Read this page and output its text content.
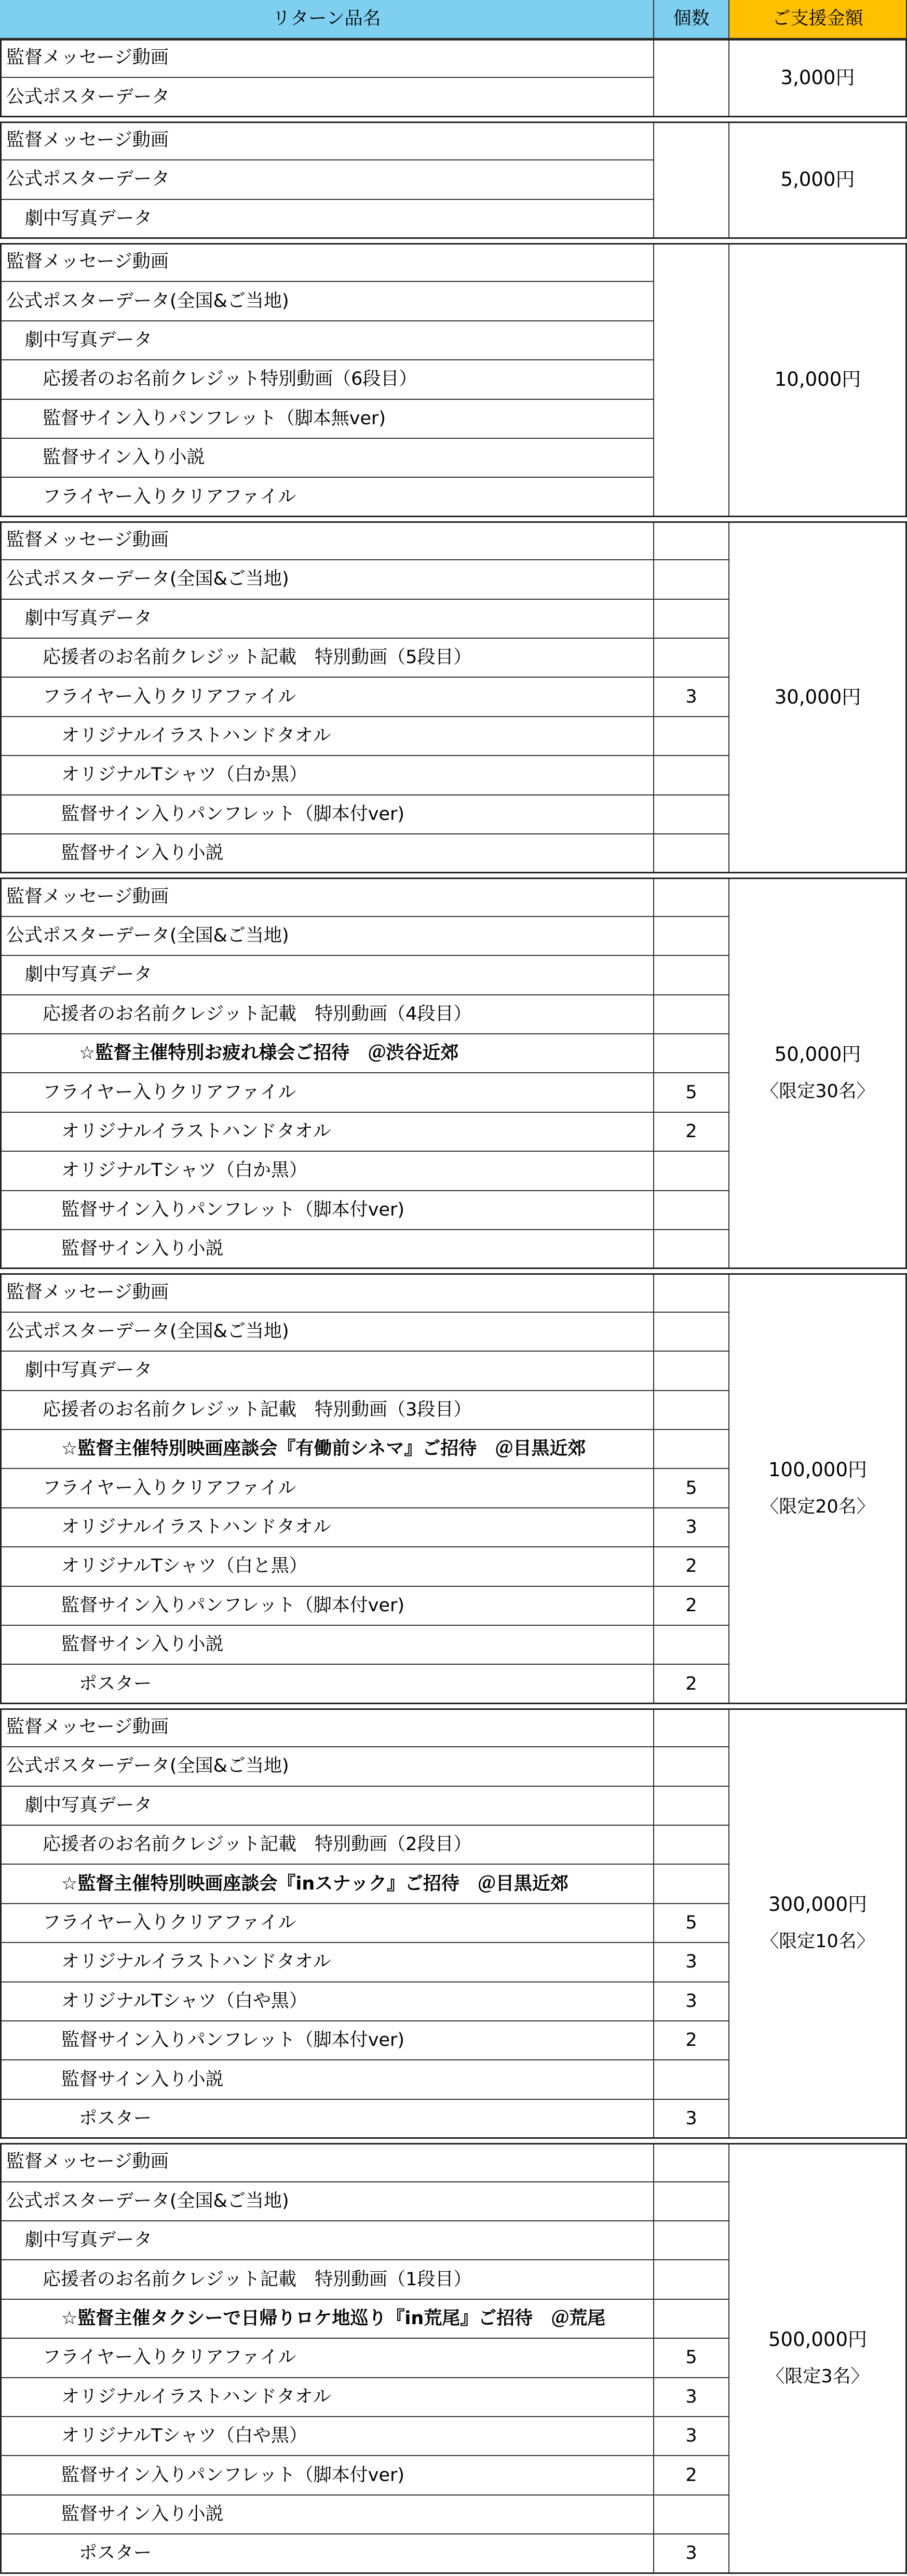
リターン品名	個数	ご支援金額
監督メッセージ動画
公式ポスターデータ
3,000円
監督メッセージ動画
公式ポスターデータ
劇中写真データ
5,000円
監督メッセージ動画
公式ポスターデータ(全国&ご当地)
劇中写真データ
応援者のお名前クレジット特別動画（6段目）
監督サイン入りパンフレット（脚本無ver)
監督サイン入り小説
フライヤー入りクリアファイル
10,000円
監督メッセージ動画
公式ポスターデータ(全国&ご当地)
劇中写真データ
応援者のお名前クレジット記載　特別動画（5段目）
フライヤー入りクリアファイル	3
オリジナルイラストハンドタオル
オリジナルTシャツ（白か黒）
監督サイン入りパンフレット（脚本付ver)
監督サイン入り小説
30,000円
監督メッセージ動画
公式ポスターデータ(全国&ご当地)
劇中写真データ
応援者のお名前クレジット記載　特別動画（4段目）
☆監督主催特別お疲れ様会ご招待　＠渋谷近郊
フライヤー入りクリアファイル	5
オリジナルイラストハンドタオル	2
オリジナルTシャツ（白か黒）
監督サイン入りパンフレット（脚本付ver)
監督サイン入り小説
50,000円
〈限定30名〉
監督メッセージ動画
公式ポスターデータ(全国&ご当地)
劇中写真データ
応援者のお名前クレジット記載　特別動画（3段目）
☆監督主催特別映画座談会『有働前シネマ』ご招待　＠目黒近郊
フライヤー入りクリアファイル	5
オリジナルイラストハンドタオル	3
オリジナルTシャツ（白と黒）	2
監督サイン入りパンフレット（脚本付ver)	2
監督サイン入り小説
ポスター	2
100,000円
〈限定20名〉
監督メッセージ動画
公式ポスターデータ(全国&ご当地)
劇中写真データ
応援者のお名前クレジット記載　特別動画（2段目）
☆監督主催特別映画座談会『inスナック』ご招待　＠目黒近郊
フライヤー入りクリアファイル	5
オリジナルイラストハンドタオル	3
オリジナルTシャツ（白や黒）	3
監督サイン入りパンフレット（脚本付ver)	2
監督サイン入り小説
ポスター	3
300,000円
〈限定10名〉
監督メッセージ動画
公式ポスターデータ(全国&ご当地)
劇中写真データ
応援者のお名前クレジット記載　特別動画（1段目）
☆監督主催タクシーで日帰りロケ地巡り『in荒尾』ご招待　＠荒尾
フライヤー入りクリアファイル	5
オリジナルイラストハンドタオル	3
オリジナルTシャツ（白や黒）	3
監督サイン入りパンフレット（脚本付ver)	2
監督サイン入り小説
ポスター	3
500,000円
〈限定3名〉
